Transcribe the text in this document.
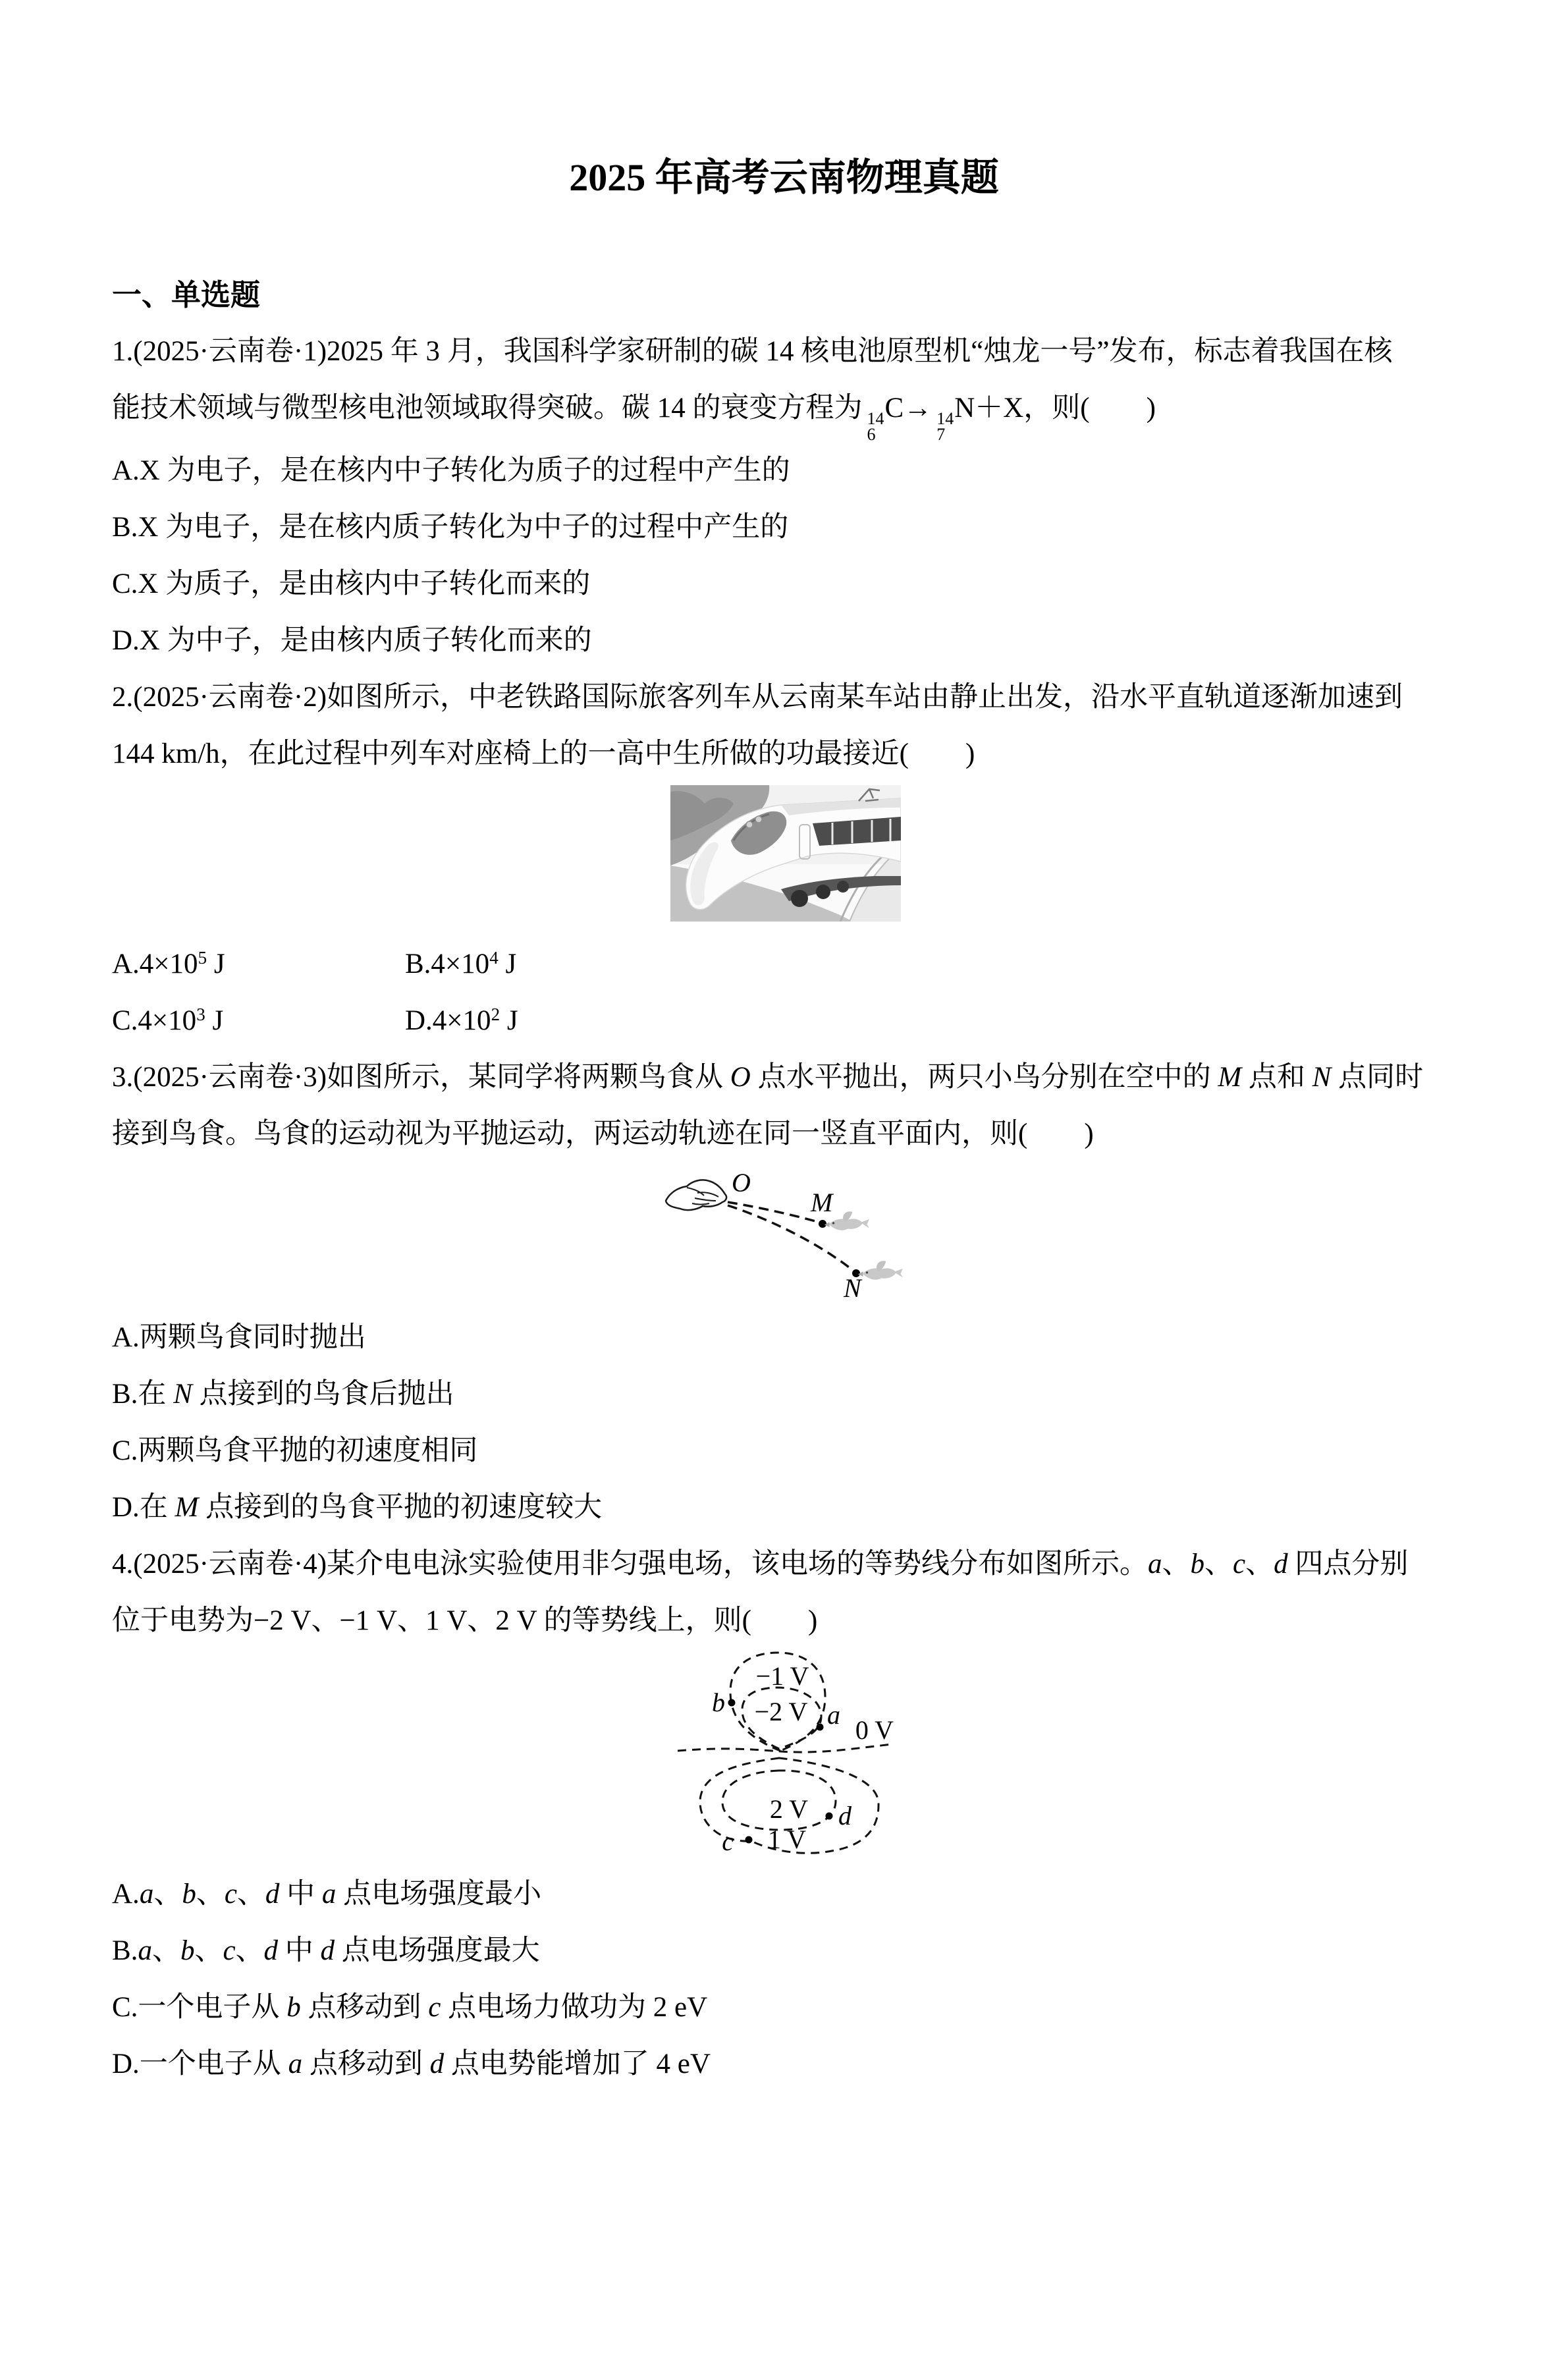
2025 年高考云南物理真题
一、单选题
1.(2025·云南卷·1)2025 年 3 月，我国科学家研制的碳 14 核电池原型机“烛龙一号”发布，标志着我国在核
能技术领域与微型核电池领域取得突破。碳 14 的衰变方程为 14
6
C→ 14
7
N＋X，则(　　)
A.X 为电子，是在核内中子转化为质子的过程中产生的
B.X 为电子，是在核内质子转化为中子的过程中产生的
C.X 为质子，是由核内中子转化而来的
D.X 为中子，是由核内质子转化而来的
2.(2025·云南卷·2)如图所示，中老铁路国际旅客列车从云南某车站由静止出发，沿水平直轨道逐渐加速到
144 km/h，在此过程中列车对座椅上的一高中生所做的功最接近(　　)
$A.4\times 10^5$ J	$B.4\times 10^4$ J
$C.4\times 10^3$ J	$D.4\times 10^2$ J
3.(2025·云南卷·3)如图所示，某同学将两颗鸟食从 O 点水平抛出，两只小鸟分别在空中的 M 点和 N 点同时
接到鸟食。鸟食的运动视为平抛运动，两运动轨迹在同一竖直平面内，则(　　)
O
M
N
A.两颗鸟食同时抛出
B.在 N 点接到的鸟食后抛出
C.两颗鸟食平抛的初速度相同
D.在 M 点接到的鸟食平抛的初速度较大
4.(2025·云南卷·4)某介电电泳实验使用非匀强电场，该电场的等势线分布如图所示。a、b、c、d 四点分别
位于电势为−2 V、−1 V、1 V、2 V 的等势线上，则(　　)
−1 V
−2 V
0 V
2 V
1 V
b	a
c
d
A.a、b、c、d 中 a 点电场强度最小
B.a、b、c、d 中 d 点电场强度最大
C.一个电子从 b 点移动到 c 点电场力做功为 2 eV
D.一个电子从 a 点移动到 d 点电势能增加了 4 eV
